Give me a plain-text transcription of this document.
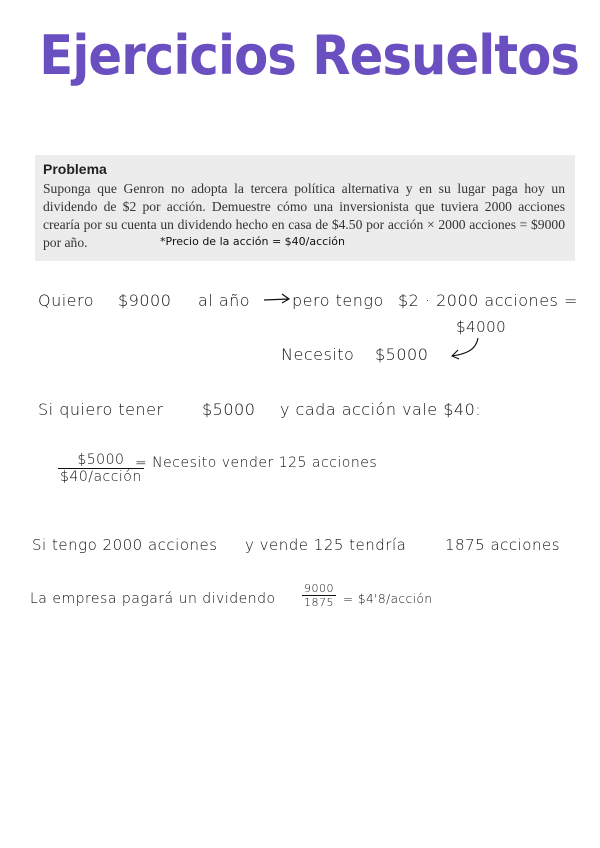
Ejercicios Resueltos
Problema
Suponga que Genron no adopta la tercera política alternativa y en su lugar paga hoy un dividendo de $2 por acción. Demuestre cómo una inversionista que tuviera 2000 acciones crearía por su cuenta un dividendo hecho en casa de $4.50 por acción × 2000 acciones = $9000 por año.	*Precio de la acción = $40/acción
Quiero $9000 al año	pero tengo $2 · 2000 acciones =
$4000
Necesito $5000
Si quiero tener $5000 y cada acción vale $40:
$5000
$40/acción
= Necesito vender 125 acciones
Si tengo 2000 acciones y vende 125 tendría	1875 acciones
La empresa pagará un dividendo $\frac{9000}{1875}$ = $4'8/acción
